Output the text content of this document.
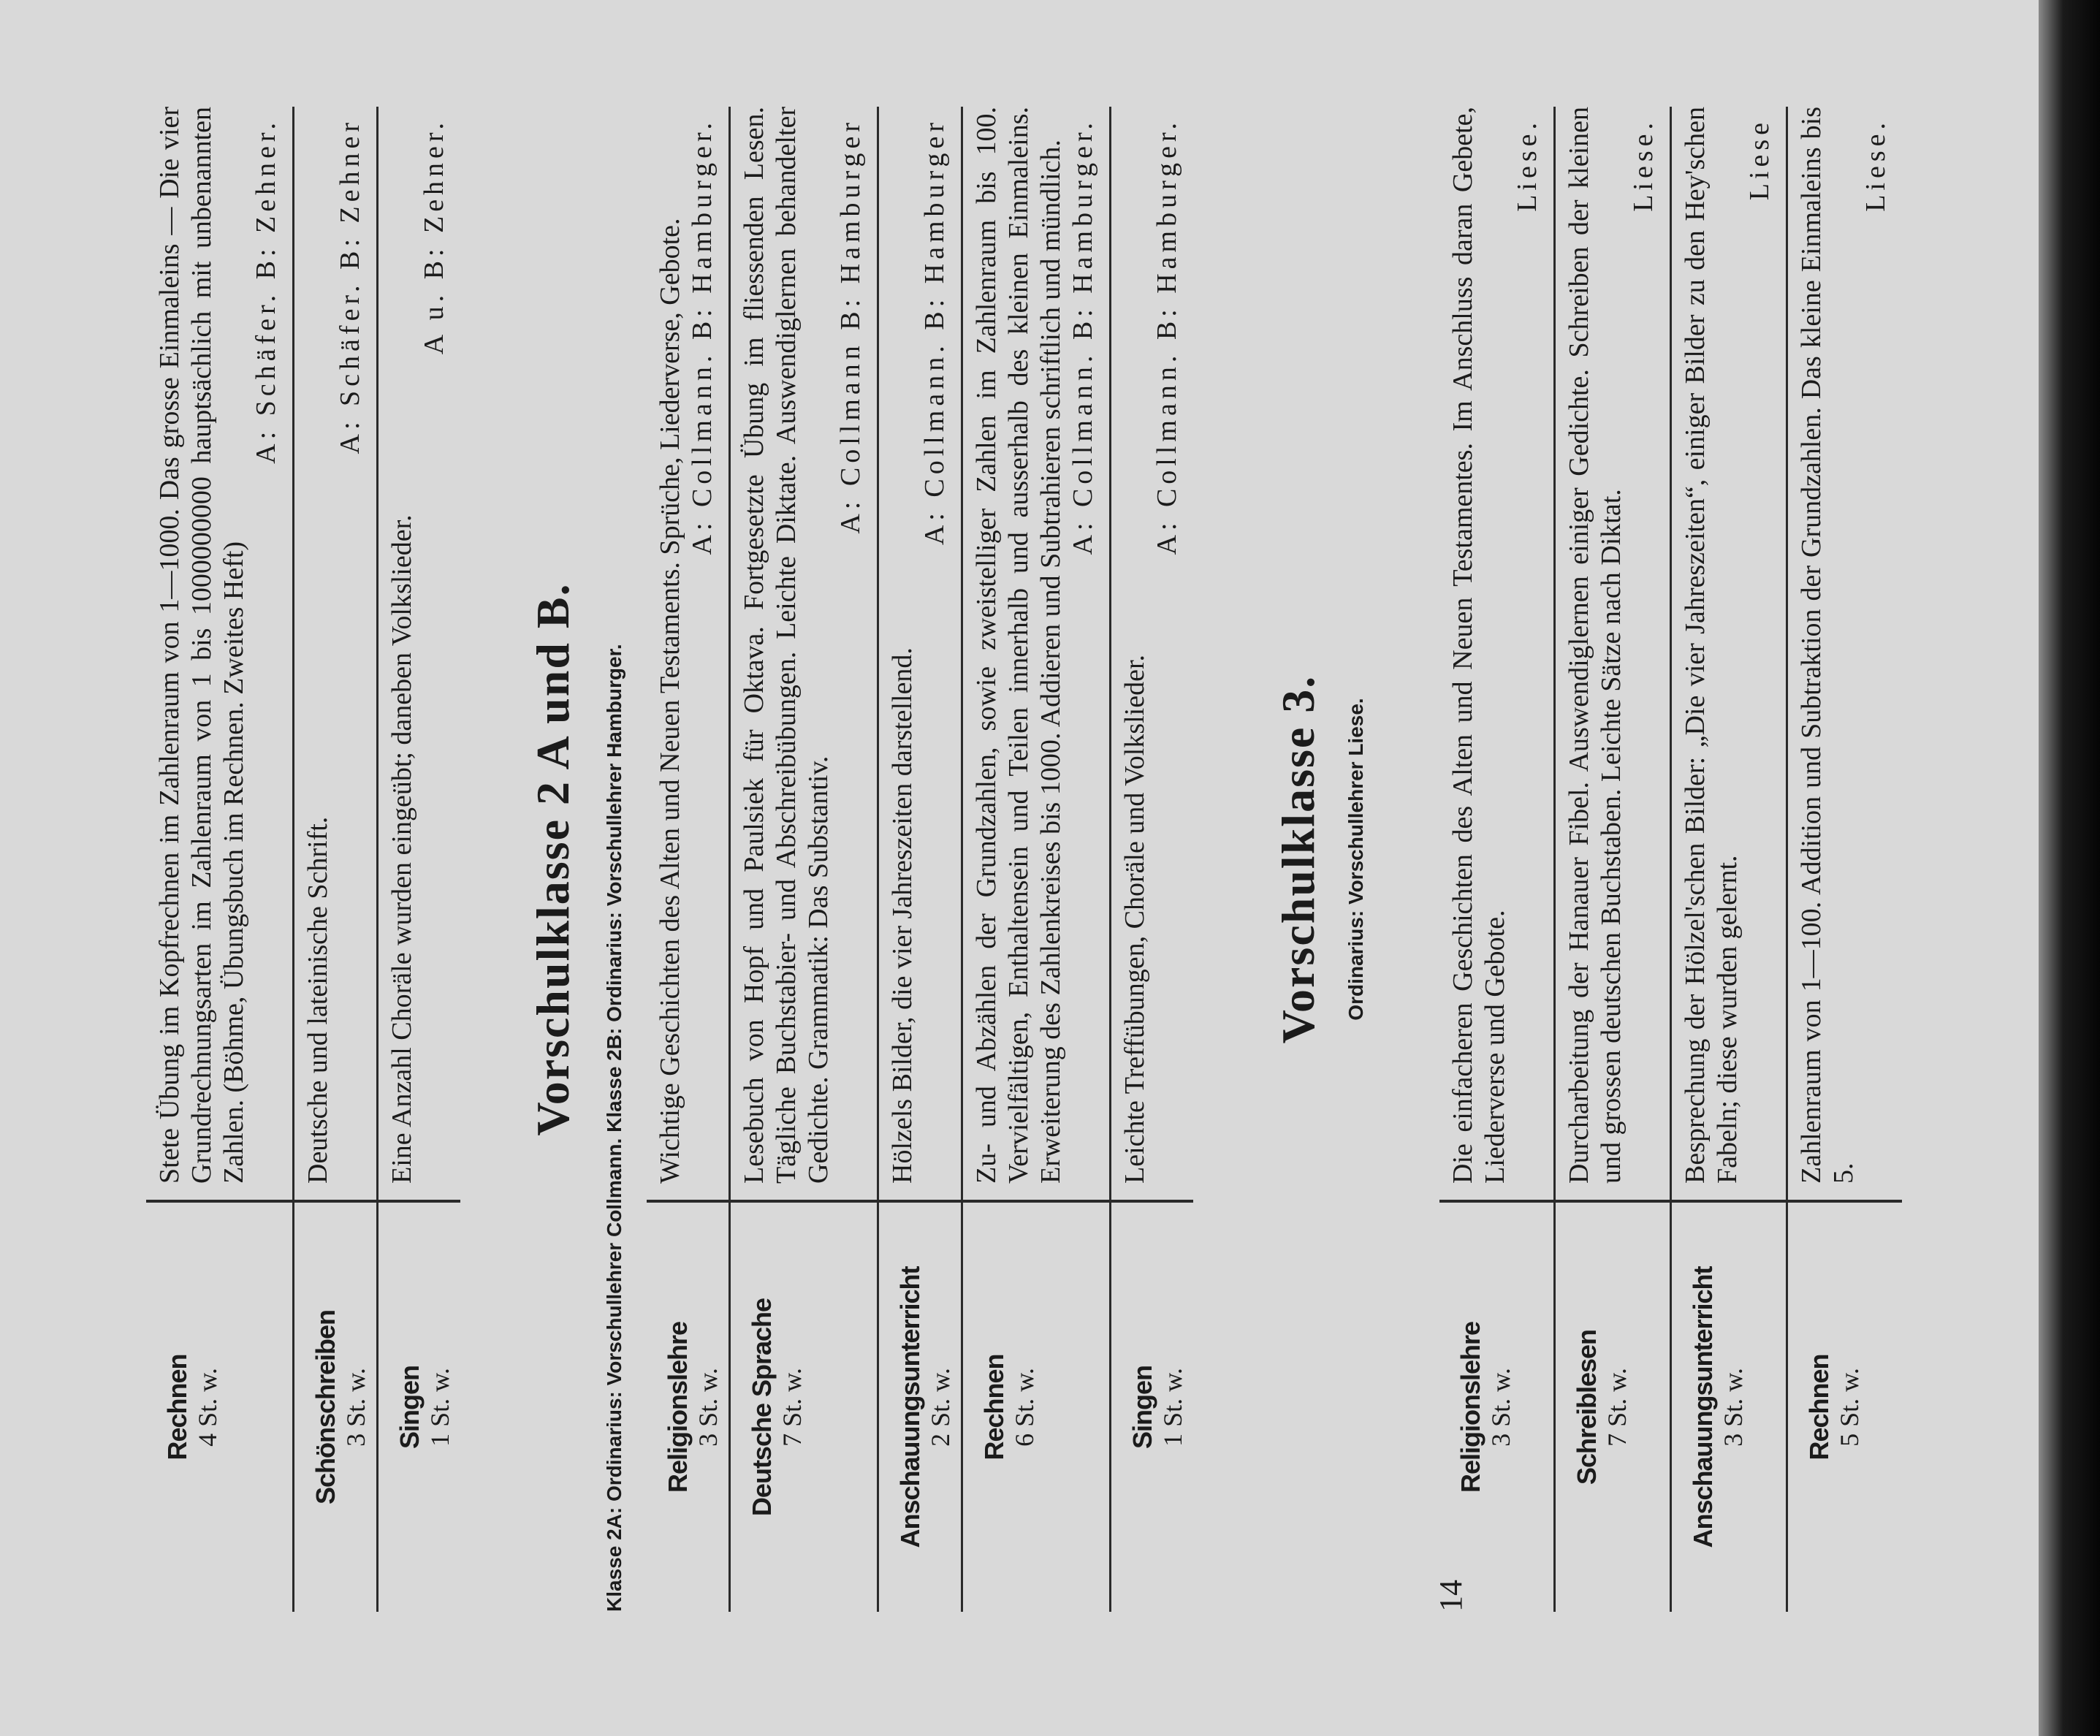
14
Rechnen 4 St. w.
Stete Übung im Kopfrechnen im Zahlenraum von 1—1000. Das grosse Einmaleins — Die vier Grundrechnungsarten im Zahlenraum von 1 bis 1000000000 hauptsächlich mit unbenannten Zahlen. (Böhme, Übungsbuch im Rechnen. Zweites Heft)
A: Schäfer. B: Zehner.
Schönschreiben 3 St. w.
Deutsche und lateinische Schrift.
A: Schäfer. B: Zehner
Singen 1 St. w.
Eine Anzahl Choräle wurden eingeübt; daneben Volkslieder.
A u. B: Zehner.
Vorschulklasse 2 A und B. Klasse 2A: Ordinarius: Vorschullehrer Collmann. Klasse 2B: Ordinarius: Vorschullehrer Hamburger. Religionslehre 3 St. w.
Wichtige Geschichten des Alten und Neuen Testaments. Sprüche, Liederverse, Gebote. A: Collmann. B: Hamburger.
Deutsche Sprache 7 St. w.
Lesebuch von Hopf und Paulsiek für Oktava. Fortgesetzte Übung im fliessenden Lesen. Tägliche Buchstabier- und Abschreibübungen. Leichte Diktate. Auswendiglernen behandelter Gedichte. Grammatik: Das Substantiv.
A: Collmann B: Hamburger
Anschauungsunterricht 2 St. w.
Hölzels Bilder, die vier Jahreszeiten darstellend.
A: Collmann. B: Hamburger
Rechnen 6 St. w.
Zu- und Abzählen der Grundzahlen, sowie zweistelliger Zahlen im Zahlenraum bis 100. Vervielfältigen, Enthaltensein und Teilen innerhalb und ausserhalb des kleinen Einmaleins. Erweiterung des Zahlenkreises bis 1000. Addieren und Subtrahieren schriftlich und mündlich. A: Collmann. B: Hamburger.
Singen 1 St. w.
Leichte Treffübungen, Choräle und Volkslieder.
A: Collmann. B: Hamburger.
Vorschulklasse 3. Ordinarius: Vorschullehrer Liese.
Religionslehre 3 St. w.
Die einfacheren Geschichten des Alten und Neuen Testamentes. Im Anschluss daran Gebete, Liederverse und Gebote.
Liese.
Schreiblesen 7 St. w.
Durcharbeitung der Hanauer Fibel. Auswendiglernen einiger Gedichte. Schreiben der kleinen und grossen deutschen Buchstaben. Leichte Sätze nach Diktat.
Liese.
Anschauungsunterricht 3 St. w.
Besprechung der Hölzel'schen Bilder: „Die vier Jahreszeiten“, einiger Bilder zu den Hey'schen Fabeln; diese wurden gelernt.
Liese
Rechnen 5 St. w.
Zahlenraum von 1—100. Addition und Subtraktion der Grundzahlen. Das kleine Einmaleins bis 5.
Liese.
